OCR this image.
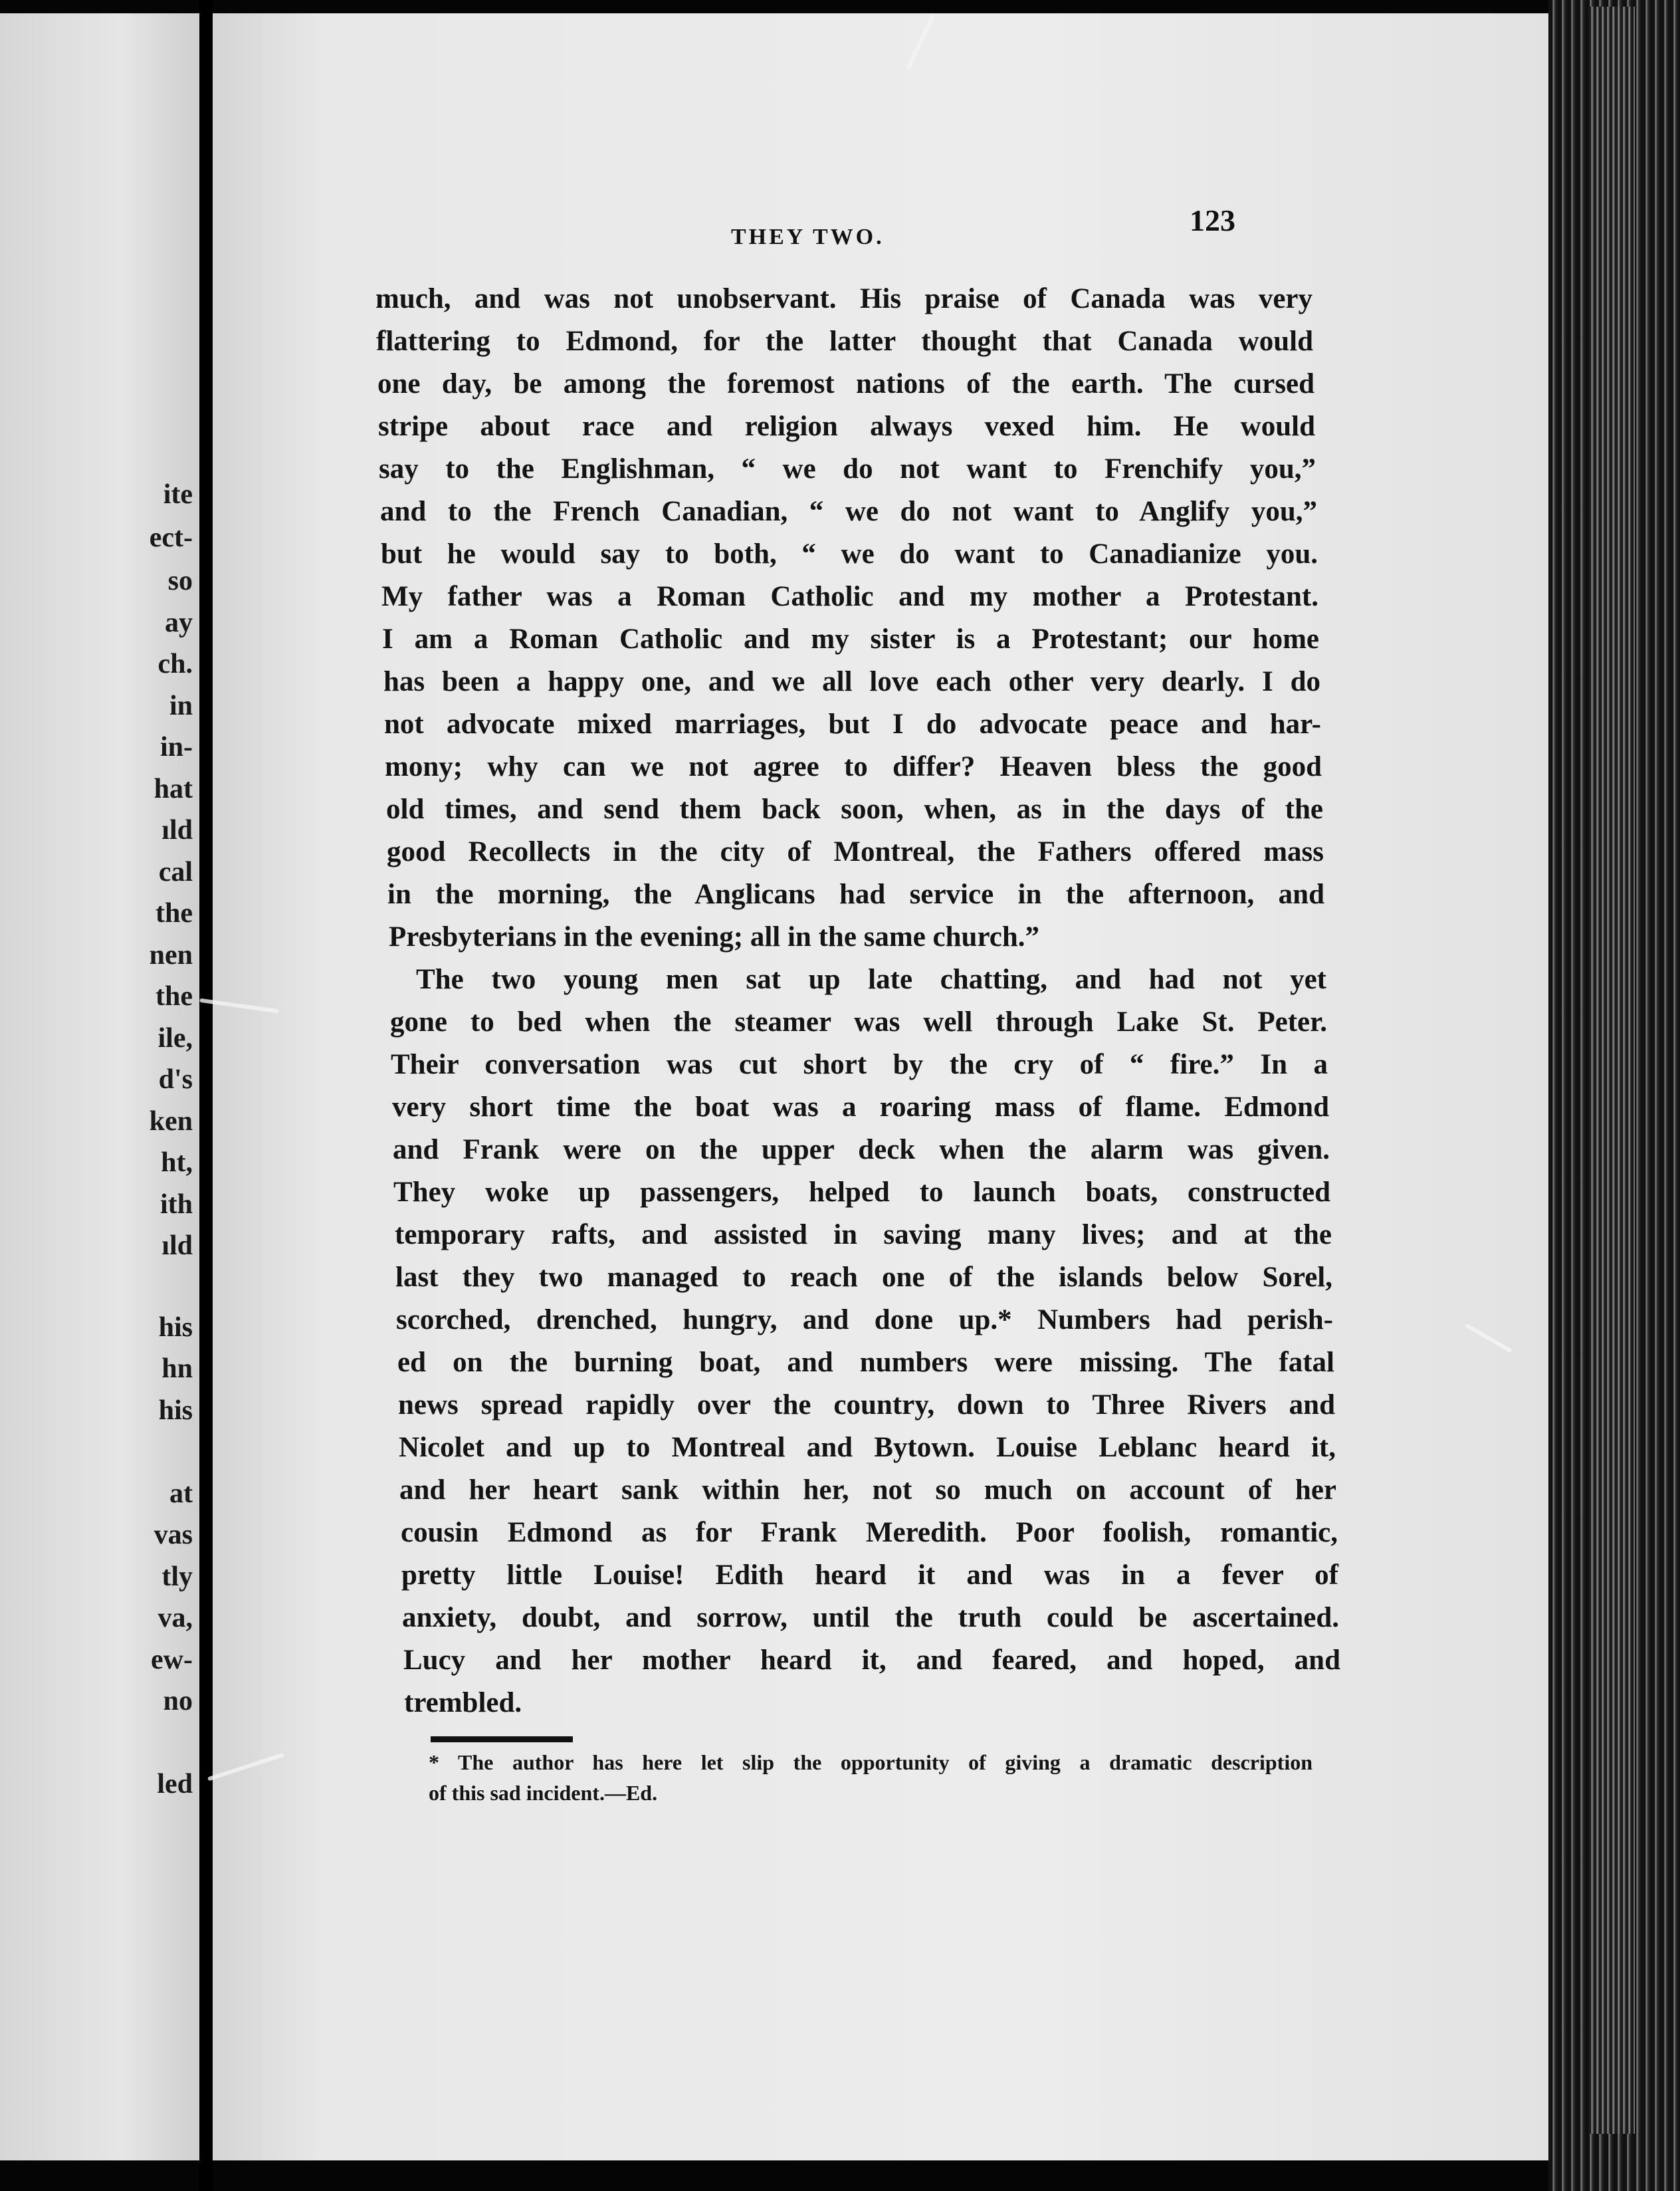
ite
ect-
so
ay
ch.
in
in-
hat
ıld
cal
the
nen
the
ile,
d's
ken
ht,
ith
ıld
his
hn
his
at
vas
tly
va,
ew-
no
led
THEY TWO.	123
much, and was not unobservant. His praise of Canada was very
flattering to Edmond, for the latter thought that Canada would
one day, be among the foremost nations of the earth. The cursed
stripe about race and religion always vexed him. He would
say to the Englishman, “ we do not want to Frenchify you,”
and to the French Canadian, “ we do not want to Anglify you,”
but he would say to both, “ we do want to Canadianize you.
My father was a Roman Catholic and my mother a Protestant.
I am a Roman Catholic and my sister is a Protestant; our home
has been a happy one, and we all love each other very dearly. I do
not advocate mixed marriages, but I do advocate peace and har-
mony; why can we not agree to differ? Heaven bless the good
old times, and send them back soon, when, as in the days of the
good Recollects in the city of Montreal, the Fathers offered mass
in the morning, the Anglicans had service in the afternoon, and
Presbyterians in the evening; all in the same church.”
The two young men sat up late chatting, and had not yet
gone to bed when the steamer was well through Lake St. Peter.
Their conversation was cut short by the cry of “ fire.” In a
very short time the boat was a roaring mass of flame. Edmond
and Frank were on the upper deck when the alarm was given.
They woke up passengers, helped to launch boats, constructed
temporary rafts, and assisted in saving many lives; and at the
last they two managed to reach one of the islands below Sorel,
scorched, drenched, hungry, and done up.* Numbers had perish-
ed on the burning boat, and numbers were missing. The fatal
news spread rapidly over the country, down to Three Rivers and
Nicolet and up to Montreal and Bytown. Louise Leblanc heard it,
and her heart sank within her, not so much on account of her
cousin Edmond as for Frank Meredith. Poor foolish, romantic,
pretty little Louise! Edith heard it and was in a fever of
anxiety, doubt, and sorrow, until the truth could be ascertained.
Lucy and her mother heard it, and feared, and hoped, and
trembled.
* The author has here let slip the opportunity of giving a dramatic description
of this sad incident.—Ed.
